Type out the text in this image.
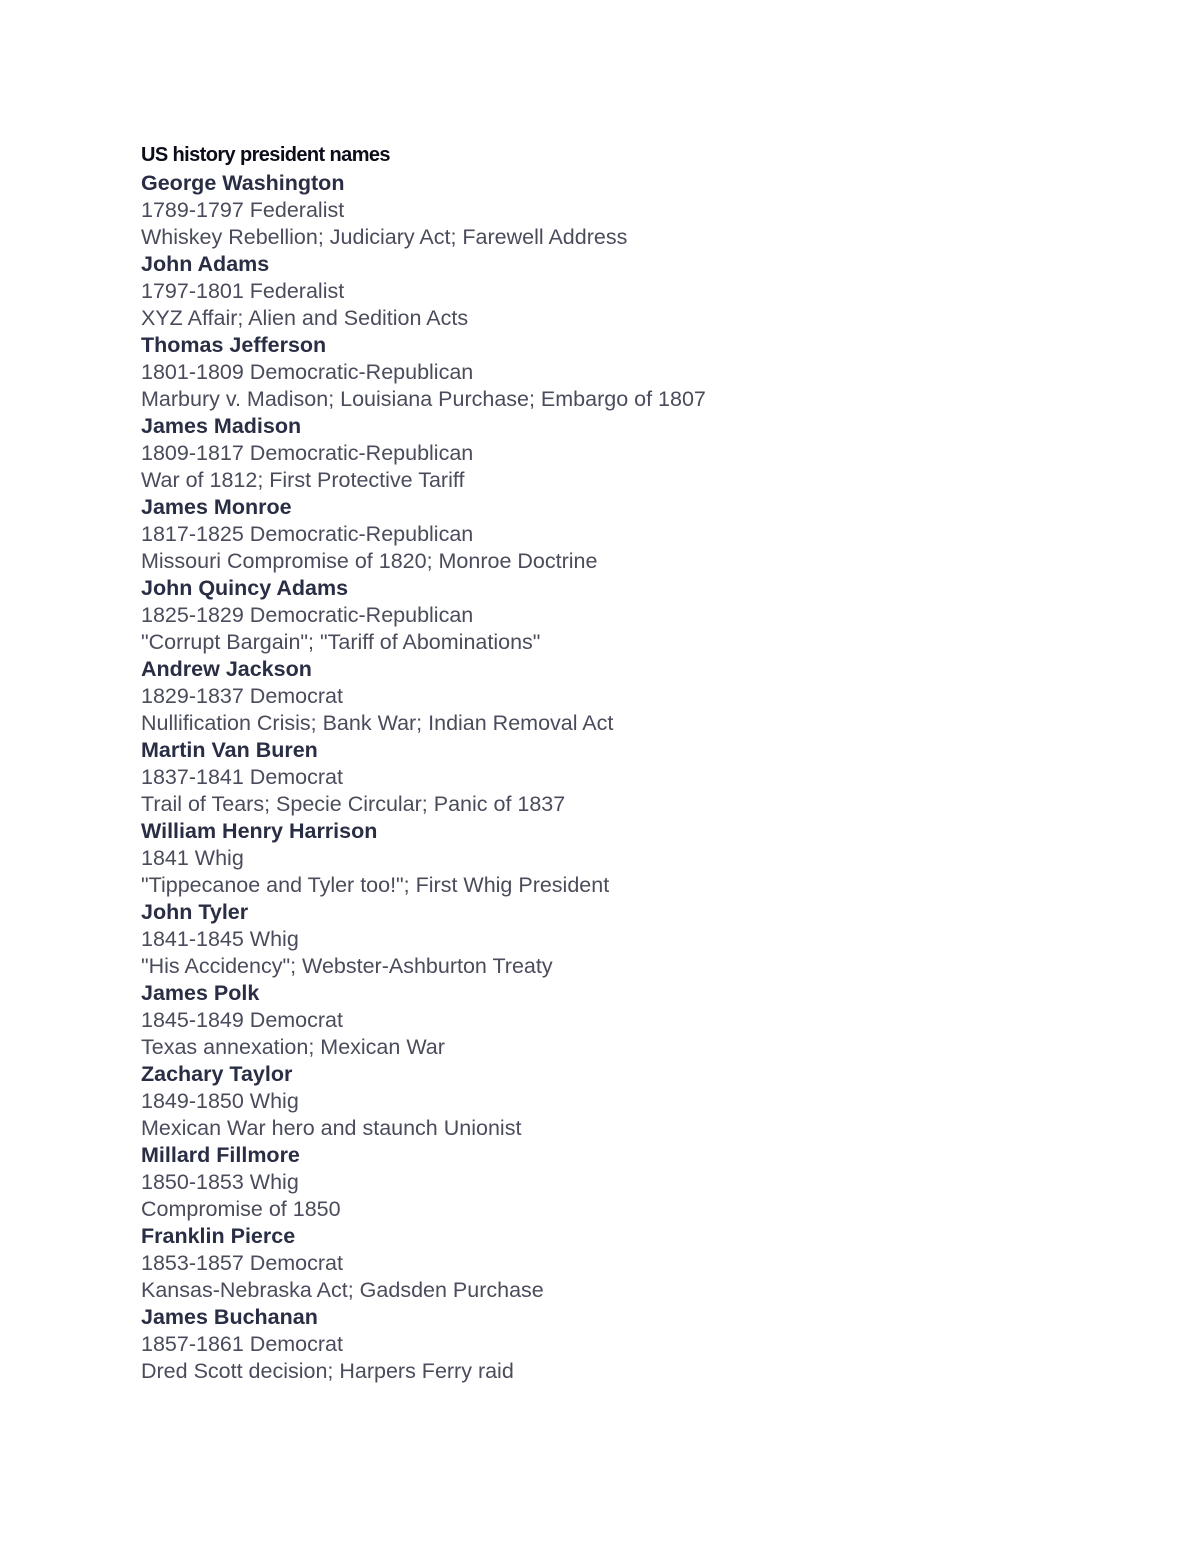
US history president names
George Washington
1789-1797 Federalist
Whiskey Rebellion; Judiciary Act; Farewell Address
John Adams
1797-1801 Federalist
XYZ Affair; Alien and Sedition Acts
Thomas Jefferson
1801-1809 Democratic-Republican
Marbury v. Madison; Louisiana Purchase; Embargo of 1807
James Madison
1809-1817 Democratic-Republican
War of 1812; First Protective Tariff
James Monroe
1817-1825 Democratic-Republican
Missouri Compromise of 1820; Monroe Doctrine
John Quincy Adams
1825-1829 Democratic-Republican
"Corrupt Bargain"; "Tariff of Abominations"
Andrew Jackson
1829-1837 Democrat
Nullification Crisis; Bank War; Indian Removal Act
Martin Van Buren
1837-1841 Democrat
Trail of Tears; Specie Circular; Panic of 1837
William Henry Harrison
1841 Whig
"Tippecanoe and Tyler too!"; First Whig President
John Tyler
1841-1845 Whig
"His Accidency"; Webster-Ashburton Treaty
James Polk
1845-1849 Democrat
Texas annexation; Mexican War
Zachary Taylor
1849-1850 Whig
Mexican War hero and staunch Unionist
Millard Fillmore
1850-1853 Whig
Compromise of 1850
Franklin Pierce
1853-1857 Democrat
Kansas-Nebraska Act; Gadsden Purchase
James Buchanan
1857-1861 Democrat
Dred Scott decision; Harpers Ferry raid
